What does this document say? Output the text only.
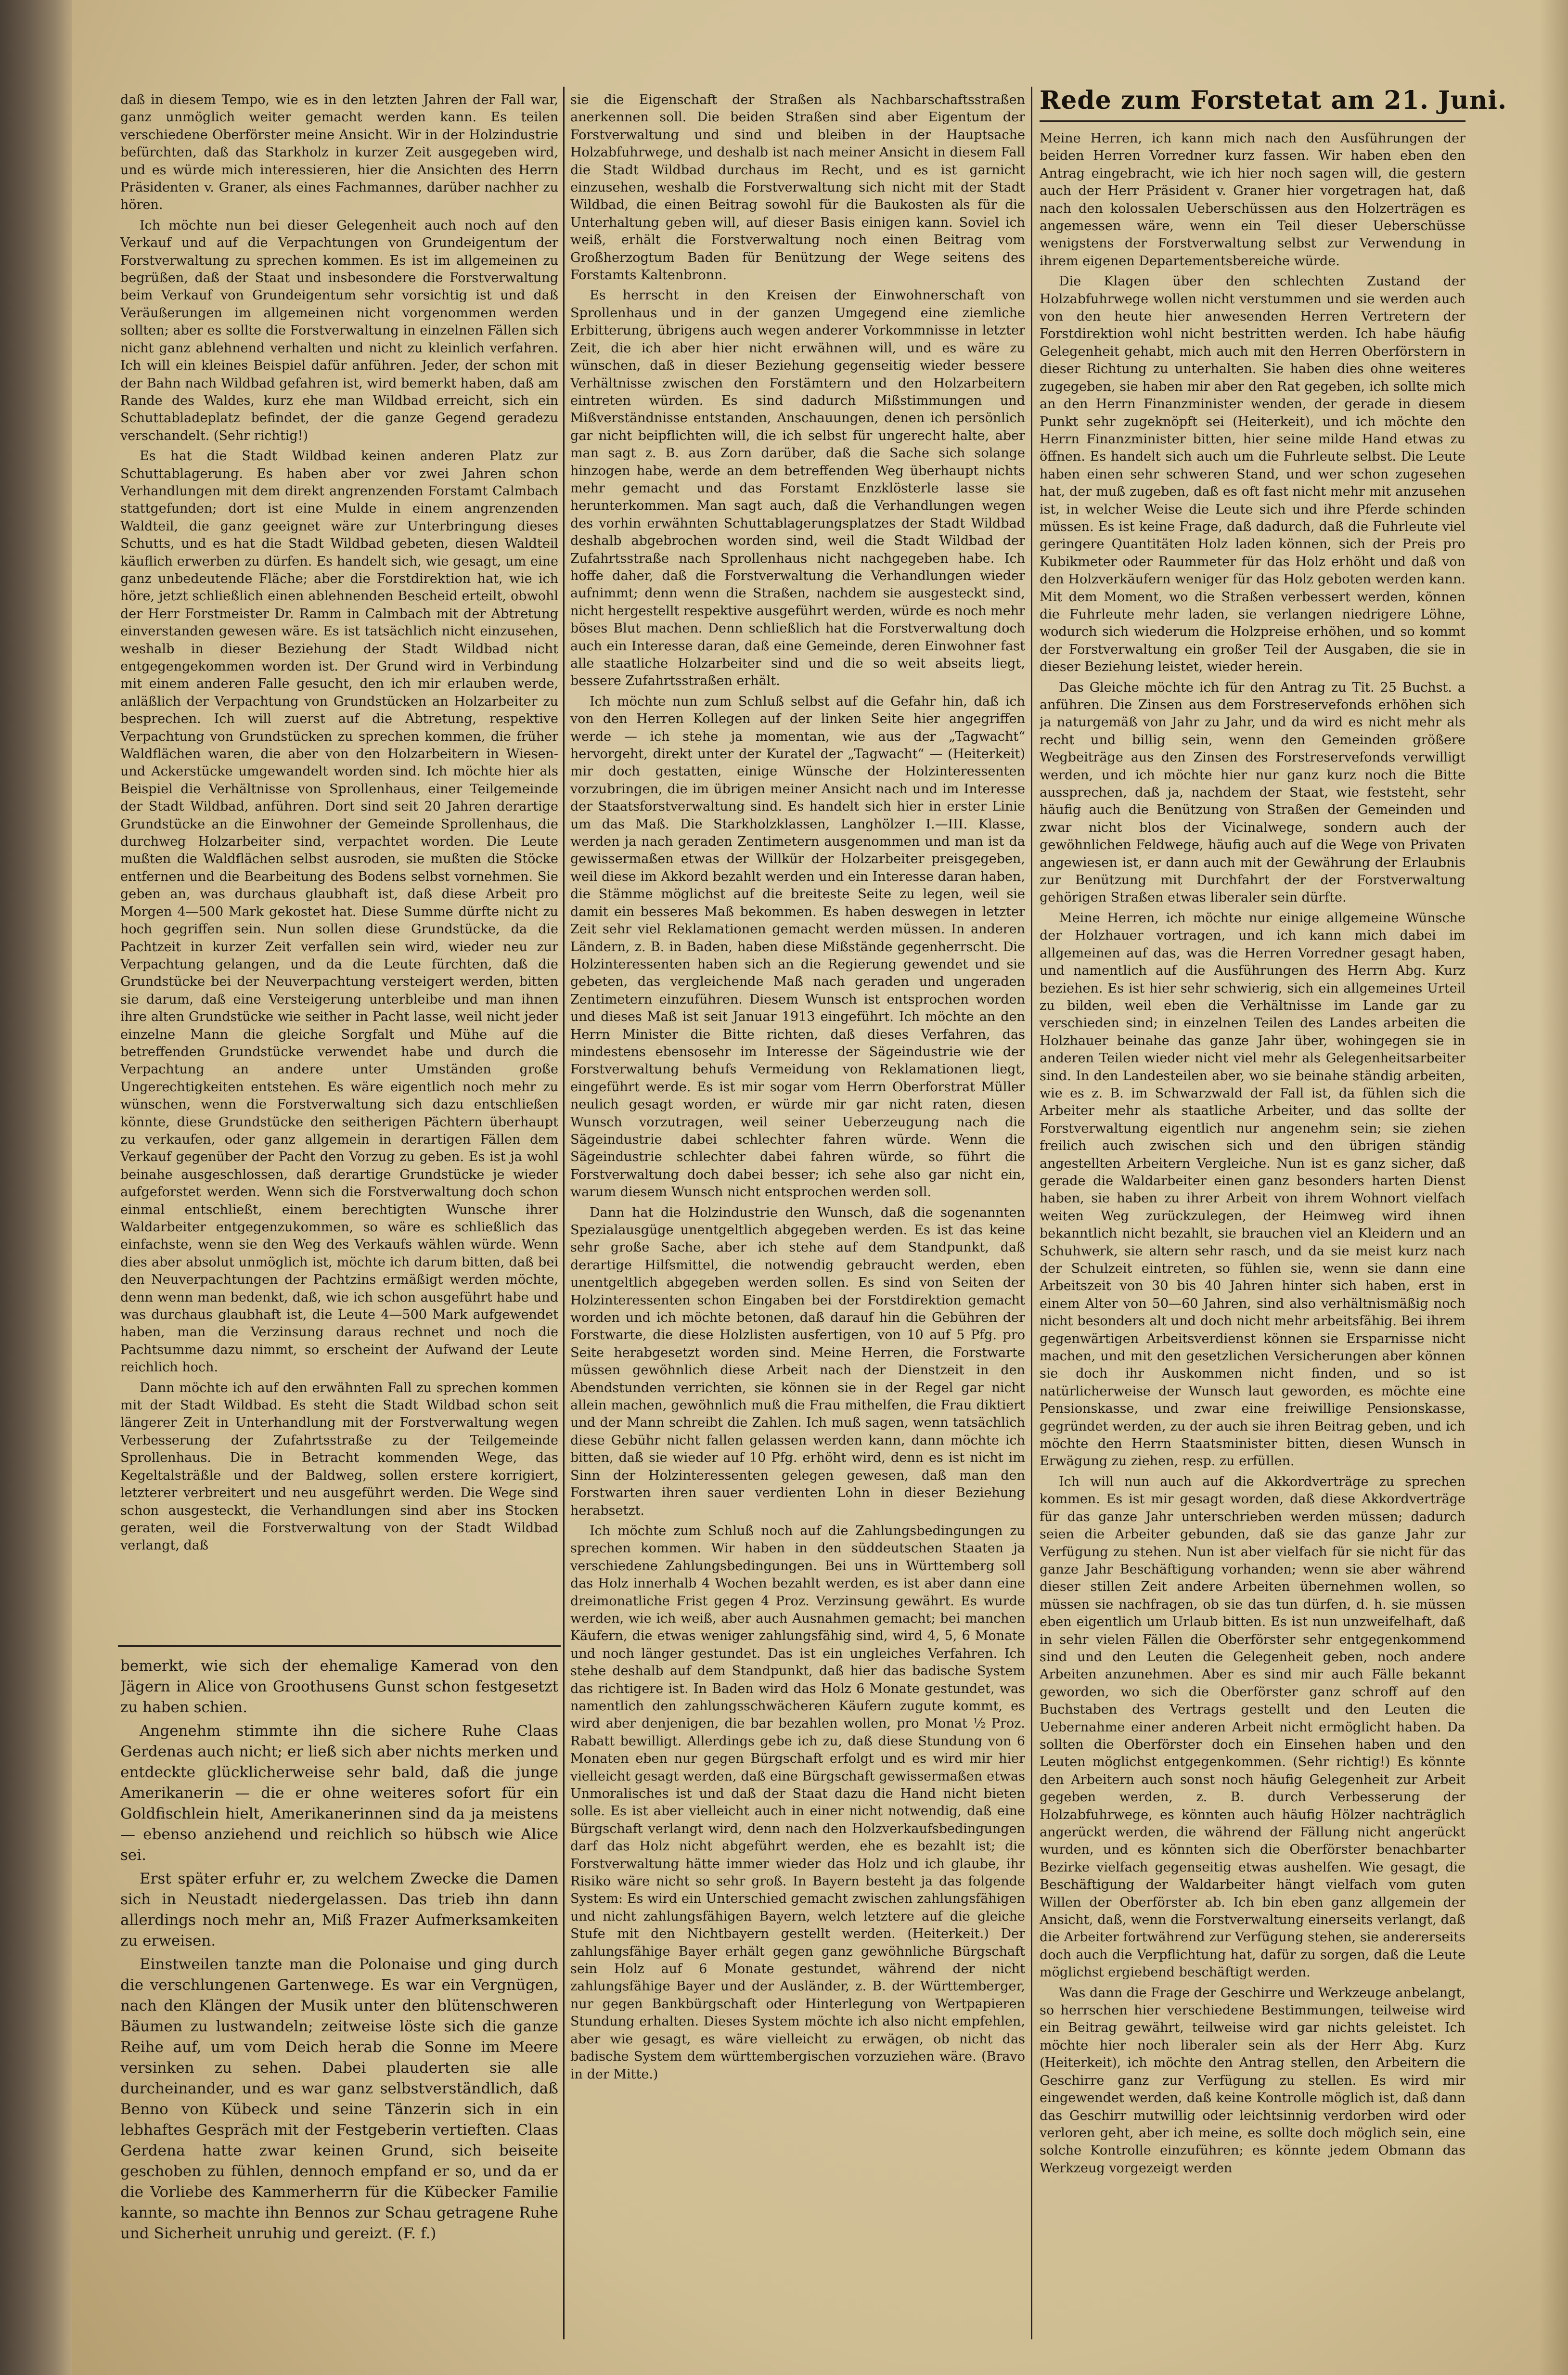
Rede zum Forstetat am 21. Juni.

daß in diesem Tempo, wie es in den letzten Jahren der Fall war, ganz unmöglich weiter gemacht werden kann. Es teilen verschiedene Oberförster meine Ansicht. Wir in der Holzindustrie befürchten, daß das Starkholz in kurzer Zeit ausgegeben wird, und es würde mich interessieren, hier die Ansichten des Herrn Präsidenten v. Graner, als eines Fachmannes, darüber nachher zu hören.

Ich möchte nun bei dieser Gelegenheit auch noch auf den Verkauf und auf die Verpachtungen von Grundeigentum der Forstverwaltung zu sprechen kommen. Es ist im allgemeinen zu begrüßen, daß der Staat und insbesondere die Forstverwaltung beim Verkauf von Grundeigentum sehr vorsichtig ist und daß Veräußerungen im allgemeinen nicht vorgenommen werden sollten; aber es sollte die Forstverwaltung in einzelnen Fällen sich nicht ganz ablehnend verhalten und nicht zu kleinlich verfahren. Ich will ein kleines Beispiel dafür anführen. Jeder, der schon mit der Bahn nach Wildbad gefahren ist, wird bemerkt haben, daß am Rande des Waldes, kurz ehe man Wildbad erreicht, sich ein Schuttabladeplatz befindet, der die ganze Gegend geradezu verschandelt. (Sehr richtig!)

Es hat die Stadt Wildbad keinen anderen Platz zur Schuttablagerung. Es haben aber vor zwei Jahren schon Verhandlungen mit dem direkt angrenzenden Forstamt Calmbach stattgefunden; dort ist eine Mulde in einem angrenzenden Waldteil, die ganz geeignet wäre zur Unterbringung dieses Schutts, und es hat die Stadt Wildbad gebeten, diesen Waldteil käuflich erwerben zu dürfen. Es handelt sich, wie gesagt, um eine ganz unbedeutende Fläche; aber die Forstdirektion hat, wie ich höre, jetzt schließlich einen ablehnenden Bescheid erteilt, obwohl der Herr Forstmeister Dr. Ramm in Calmbach mit der Abtretung einverstanden gewesen wäre. Es ist tatsächlich nicht einzusehen, weshalb in dieser Beziehung der Stadt Wildbad nicht entgegengekommen worden ist. Der Grund wird in Verbindung mit einem anderen Falle gesucht, den ich mir erlauben werde, anläßlich der Verpachtung von Grundstücken an Holzarbeiter zu besprechen. Ich will zuerst auf die Abtretung, respektive Verpachtung von Grundstücken zu sprechen kommen, die früher Waldflächen waren, die aber von den Holzarbeitern in Wiesen- und Ackerstücke umgewandelt worden sind. Ich möchte hier als Beispiel die Verhältnisse von Sprollenhaus, einer Teilgemeinde der Stadt Wildbad, anführen. Dort sind seit 20 Jahren derartige Grundstücke an die Einwohner der Gemeinde Sprollenhaus, die durchweg Holzarbeiter sind, verpachtet worden. Die Leute mußten die Waldflächen selbst ausroden, sie mußten die Stöcke entfernen und die Bearbeitung des Bodens selbst vornehmen. Sie geben an, was durchaus glaubhaft ist, daß diese Arbeit pro Morgen 4—500 Mark gekostet hat. Diese Summe dürfte nicht zu hoch gegriffen sein. Nun sollen diese Grundstücke, da die Pachtzeit in kurzer Zeit verfallen sein wird, wieder neu zur Verpachtung gelangen, und da die Leute fürchten, daß die Grundstücke bei der Neuverpachtung versteigert werden, bitten sie darum, daß eine Versteigerung unterbleibe und man ihnen ihre alten Grundstücke wie seither in Pacht lasse, weil nicht jeder einzelne Mann die gleiche Sorgfalt und Mühe auf die betreffenden Grundstücke verwendet habe und durch die Verpachtung an andere unter Umständen große Ungerechtigkeiten entstehen. Es wäre eigentlich noch mehr zu wünschen, wenn die Forstverwaltung sich dazu entschließen könnte, diese Grundstücke den seitherigen Pächtern überhaupt zu verkaufen, oder ganz allgemein in derartigen Fällen dem Verkauf gegenüber der Pacht den Vorzug zu geben. Es ist ja wohl beinahe ausgeschlossen, daß derartige Grundstücke je wieder aufgeforstet werden. Wenn sich die Forstverwaltung doch schon einmal entschließt, einem berechtigten Wunsche ihrer Waldarbeiter entgegenzukommen, so wäre es schließlich das einfachste, wenn sie den Weg des Verkaufs wählen würde. Wenn dies aber absolut unmöglich ist, möchte ich darum bitten, daß bei den Neuverpachtungen der Pachtzins ermäßigt werden möchte, denn wenn man bedenkt, daß, wie ich schon ausgeführt habe und was durchaus glaubhaft ist, die Leute 4—500 Mark aufgewendet haben, man die Verzinsung daraus rechnet und noch die Pachtsumme dazu nimmt, so erscheint der Aufwand der Leute reichlich hoch.

Dann möchte ich auf den erwähnten Fall zu sprechen kommen mit der Stadt Wildbad. Es steht die Stadt Wildbad schon seit längerer Zeit in Unterhandlung mit der Forstverwaltung wegen Verbesserung der Zufahrtsstraße zu der Teilgemeinde Sprollenhaus. Die in Betracht kommenden Wege, das Kegeltalsträßle und der Baldweg, sollen erstere korrigiert, letzterer verbreitert und neu ausgeführt werden. Die Wege sind schon ausgesteckt, die Verhandlungen sind aber ins Stocken geraten, weil die Forstverwaltung von der Stadt Wildbad verlangt, daß

sie die Eigenschaft der Straßen als Nachbarschaftsstraßen anerkennen soll. Die beiden Straßen sind aber Eigentum der Forstverwaltung und sind und bleiben in der Hauptsache Holzabfuhrwege, und deshalb ist nach meiner Ansicht in diesem Fall die Stadt Wildbad durchaus im Recht, und es ist garnicht einzusehen, weshalb die Forstverwaltung sich nicht mit der Stadt Wildbad, die einen Beitrag sowohl für die Baukosten als für die Unterhaltung geben will, auf dieser Basis einigen kann. Soviel ich weiß, erhält die Forstverwaltung noch einen Beitrag vom Großherzogtum Baden für Benützung der Wege seitens des Forstamts Kaltenbronn.

Es herrscht in den Kreisen der Einwohnerschaft von Sprollenhaus und in der ganzen Umgegend eine ziemliche Erbitterung, übrigens auch wegen anderer Vorkommnisse in letzter Zeit, die ich aber hier nicht erwähnen will, und es wäre zu wünschen, daß in dieser Beziehung gegenseitig wieder bessere Verhältnisse zwischen den Forstämtern und den Holzarbeitern eintreten würden. Es sind dadurch Mißstimmungen und Mißverständnisse entstanden, Anschauungen, denen ich persönlich gar nicht beipflichten will, die ich selbst für ungerecht halte, aber man sagt z. B. aus Zorn darüber, daß die Sache sich solange hinzogen habe, werde an dem betreffenden Weg überhaupt nichts mehr gemacht und das Forstamt Enzklösterle lasse sie herunterkommen. Man sagt auch, daß die Verhandlungen wegen des vorhin erwähnten Schuttablagerungsplatzes der Stadt Wildbad deshalb abgebrochen worden sind, weil die Stadt Wildbad der Zufahrtsstraße nach Sprollenhaus nicht nachgegeben habe. Ich hoffe daher, daß die Forstverwaltung die Verhandlungen wieder aufnimmt; denn wenn die Straßen, nachdem sie ausgesteckt sind, nicht hergestellt respektive ausgeführt werden, würde es noch mehr böses Blut machen. Denn schließlich hat die Forstverwaltung doch auch ein Interesse daran, daß eine Gemeinde, deren Einwohner fast alle staatliche Holzarbeiter sind und die so weit abseits liegt, bessere Zufahrtsstraßen erhält.

Ich möchte nun zum Schluß selbst auf die Gefahr hin, daß ich von den Herren Kollegen auf der linken Seite hier angegriffen werde — ich stehe ja momentan, wie aus der „Tagwacht“ hervorgeht, direkt unter der Kuratel der „Tagwacht“ — (Heiterkeit) mir doch gestatten, einige Wünsche der Holzinteressenten vorzubringen, die im übrigen meiner Ansicht nach und im Interesse der Staatsforstverwaltung sind. Es handelt sich hier in erster Linie um das Maß. Die Starkholzklassen, Langhölzer I.—III. Klasse, werden ja nach geraden Zentimetern ausgenommen und man ist da gewissermaßen etwas der Willkür der Holzarbeiter preisgegeben, weil diese im Akkord bezahlt werden und ein Interesse daran haben, die Stämme möglichst auf die breiteste Seite zu legen, weil sie damit ein besseres Maß bekommen. Es haben deswegen in letzter Zeit sehr viel Reklamationen gemacht werden müssen. In anderen Ländern, z. B. in Baden, haben diese Mißstände gegenherrscht. Die Holzinteressenten haben sich an die Regierung gewendet und sie gebeten, das vergleichende Maß nach geraden und ungeraden Zentimetern einzuführen. Diesem Wunsch ist entsprochen worden und dieses Maß ist seit Januar 1913 eingeführt. Ich möchte an den Herrn Minister die Bitte richten, daß dieses Verfahren, das mindestens ebensosehr im Interesse der Sägeindustrie wie der Forstverwaltung behufs Vermeidung von Reklamationen liegt, eingeführt werde. Es ist mir sogar vom Herrn Oberforstrat Müller neulich gesagt worden, er würde mir gar nicht raten, diesen Wunsch vorzutragen, weil seiner Ueberzeugung nach die Sägeindustrie dabei schlechter fahren würde. Wenn die Sägeindustrie schlechter dabei fahren würde, so führt die Forstverwaltung doch dabei besser; ich sehe also gar nicht ein, warum diesem Wunsch nicht entsprochen werden soll.

Dann hat die Holzindustrie den Wunsch, daß die sogenannten Spezialausgüge unentgeltlich abgegeben werden. Es ist das keine sehr große Sache, aber ich stehe auf dem Standpunkt, daß derartige Hilfsmittel, die notwendig gebraucht werden, eben unentgeltlich abgegeben werden sollen. Es sind von Seiten der Holzinteressenten schon Eingaben bei der Forstdirektion gemacht worden und ich möchte betonen, daß darauf hin die Gebühren der Forstwarte, die diese Holzlisten ausfertigen, von 10 auf 5 Pfg. pro Seite herabgesetzt worden sind. Meine Herren, die Forstwarte müssen gewöhnlich diese Arbeit nach der Dienstzeit in den Abendstunden verrichten, sie können sie in der Regel gar nicht allein machen, gewöhnlich muß die Frau mithelfen, die Frau diktiert und der Mann schreibt die Zahlen. Ich muß sagen, wenn tatsächlich diese Gebühr nicht fallen gelassen werden kann, dann möchte ich bitten, daß sie wieder auf 10 Pfg. erhöht wird, denn es ist nicht im Sinn der Holzinteressenten gelegen gewesen, daß man den Forstwarten ihren sauer verdienten Lohn in dieser Beziehung herabsetzt.

Ich möchte zum Schluß noch auf die Zahlungsbedingungen zu sprechen kommen. Wir haben in den süddeutschen Staaten ja verschiedene Zahlungsbedingungen. Bei uns in Württemberg soll das Holz innerhalb 4 Wochen bezahlt werden, es ist aber dann eine dreimonatliche Frist gegen 4 Proz. Verzinsung gewährt. Es wurde werden, wie ich weiß, aber auch Ausnahmen gemacht; bei manchen Käufern, die etwas weniger zahlungsfähig sind, wird 4, 5, 6 Monate und noch länger gestundet. Das ist ein ungleiches Verfahren. Ich stehe deshalb auf dem Standpunkt, daß hier das badische System das richtigere ist. In Baden wird das Holz 6 Monate gestundet, was namentlich den zahlungsschwächeren Käufern zugute kommt, es wird aber denjenigen, die bar bezahlen wollen, pro Monat ½ Proz. Rabatt bewilligt. Allerdings gebe ich zu, daß diese Stundung von 6 Monaten eben nur gegen Bürgschaft erfolgt und es wird mir hier vielleicht gesagt werden, daß eine Bürgschaft gewissermaßen etwas Unmoralisches ist und daß der Staat dazu die Hand nicht bieten solle. Es ist aber vielleicht auch in einer nicht notwendig, daß eine Bürgschaft verlangt wird, denn nach den Holzverkaufsbedingungen darf das Holz nicht abgeführt werden, ehe es bezahlt ist; die Forstverwaltung hätte immer wieder das Holz und ich glaube, ihr Risiko wäre nicht so sehr groß. In Bayern besteht ja das folgende System: Es wird ein Unterschied gemacht zwischen zahlungsfähigen und nicht zahlungsfähigen Bayern, welch letztere auf die gleiche Stufe mit den Nichtbayern gestellt werden. (Heiterkeit.) Der zahlungsfähige Bayer erhält gegen ganz gewöhnliche Bürgschaft sein Holz auf 6 Monate gestundet, während der nicht zahlungsfähige Bayer und der Ausländer, z. B. der Württemberger, nur gegen Bankbürgschaft oder Hinterlegung von Wertpapieren Stundung erhalten. Dieses System möchte ich also nicht empfehlen, aber wie gesagt, es wäre vielleicht zu erwägen, ob nicht das badische System dem württembergischen vorzuziehen wäre. (Bravo in der Mitte.)

Meine Herren, ich kann mich nach den Ausführungen der beiden Herren Vorredner kurz fassen. Wir haben eben den Antrag eingebracht, wie ich hier noch sagen will, die gestern auch der Herr Präsident v. Graner hier vorgetragen hat, daß nach den kolossalen Ueberschüssen aus den Holzerträgen es angemessen wäre, wenn ein Teil dieser Ueberschüsse wenigstens der Forstverwaltung selbst zur Verwendung in ihrem eigenen Departementsbereiche würde.

Die Klagen über den schlechten Zustand der Holzabfuhrwege wollen nicht verstummen und sie werden auch von den heute hier anwesenden Herren Vertretern der Forstdirektion wohl nicht bestritten werden. Ich habe häufig Gelegenheit gehabt, mich auch mit den Herren Oberförstern in dieser Richtung zu unterhalten. Sie haben dies ohne weiteres zugegeben, sie haben mir aber den Rat gegeben, ich sollte mich an den Herrn Finanzminister wenden, der gerade in diesem Punkt sehr zugeknöpft sei (Heiterkeit), und ich möchte den Herrn Finanzminister bitten, hier seine milde Hand etwas zu öffnen. Es handelt sich auch um die Fuhrleute selbst. Die Leute haben einen sehr schweren Stand, und wer schon zugesehen hat, der muß zugeben, daß es oft fast nicht mehr mit anzusehen ist, in welcher Weise die Leute sich und ihre Pferde schinden müssen. Es ist keine Frage, daß dadurch, daß die Fuhrleute viel geringere Quantitäten Holz laden können, sich der Preis pro Kubikmeter oder Raummeter für das Holz erhöht und daß von den Holzverkäufern weniger für das Holz geboten werden kann. Mit dem Moment, wo die Straßen verbessert werden, können die Fuhrleute mehr laden, sie verlangen niedrigere Löhne, wodurch sich wiederum die Holzpreise erhöhen, und so kommt der Forstverwaltung ein großer Teil der Ausgaben, die sie in dieser Beziehung leistet, wieder herein.

Das Gleiche möchte ich für den Antrag zu Tit. 25 Buchst. a anführen. Die Zinsen aus dem Forstreservefonds erhöhen sich ja naturgemäß von Jahr zu Jahr, und da wird es nicht mehr als recht und billig sein, wenn den Gemeinden größere Wegbeiträge aus den Zinsen des Forstreservefonds verwilligt werden, und ich möchte hier nur ganz kurz noch die Bitte aussprechen, daß ja, nachdem der Staat, wie feststeht, sehr häufig auch die Benützung von Straßen der Gemeinden und zwar nicht blos der Vicinalwege, sondern auch der gewöhnlichen Feldwege, häufig auch auf die Wege von Privaten angewiesen ist, er dann auch mit der Gewährung der Erlaubnis zur Benützung mit Durchfahrt der der Forstverwaltung gehörigen Straßen etwas liberaler sein dürfte.

Meine Herren, ich möchte nur einige allgemeine Wünsche der Holzhauer vortragen, und ich kann mich dabei im allgemeinen auf das, was die Herren Vorredner gesagt haben, und namentlich auf die Ausführungen des Herrn Abg. Kurz beziehen. Es ist hier sehr schwierig, sich ein allgemeines Urteil zu bilden, weil eben die Verhältnisse im Lande gar zu verschieden sind; in einzelnen Teilen des Landes arbeiten die Holzhauer beinahe das ganze Jahr über, wohingegen sie in anderen Teilen wieder nicht viel mehr als Gelegenheitsarbeiter sind. In den Landesteilen aber, wo sie beinahe ständig arbeiten, wie es z. B. im Schwarzwald der Fall ist, da fühlen sich die Arbeiter mehr als staatliche Arbeiter, und das sollte der Forstverwaltung eigentlich nur angenehm sein; sie ziehen freilich auch zwischen sich und den übrigen ständig angestellten Arbeitern Vergleiche. Nun ist es ganz sicher, daß gerade die Waldarbeiter einen ganz besonders harten Dienst haben, sie haben zu ihrer Arbeit von ihrem Wohnort vielfach weiten Weg zurückzulegen, der Heimweg wird ihnen bekanntlich nicht bezahlt, sie brauchen viel an Kleidern und an Schuhwerk, sie altern sehr rasch, und da sie meist kurz nach der Schulzeit eintreten, so fühlen sie, wenn sie dann eine Arbeitszeit von 30 bis 40 Jahren hinter sich haben, erst in einem Alter von 50—60 Jahren, sind also verhältnismäßig noch nicht besonders alt und doch nicht mehr arbeitsfähig. Bei ihrem gegenwärtigen Arbeitsverdienst können sie Ersparnisse nicht machen, und mit den gesetzlichen Versicherungen aber können sie doch ihr Auskommen nicht finden, und so ist natürlicherweise der Wunsch laut geworden, es möchte eine Pensionskasse, und zwar eine freiwillige Pensionskasse, gegründet werden, zu der auch sie ihren Beitrag geben, und ich möchte den Herrn Staatsminister bitten, diesen Wunsch in Erwägung zu ziehen, resp. zu erfüllen.

Ich will nun auch auf die Akkordverträge zu sprechen kommen. Es ist mir gesagt worden, daß diese Akkordverträge für das ganze Jahr unterschrieben werden müssen; dadurch seien die Arbeiter gebunden, daß sie das ganze Jahr zur Verfügung zu stehen. Nun ist aber vielfach für sie nicht für das ganze Jahr Beschäftigung vorhanden; wenn sie aber während dieser stillen Zeit andere Arbeiten übernehmen wollen, so müssen sie nachfragen, ob sie das tun dürfen, d. h. sie müssen eben eigentlich um Urlaub bitten. Es ist nun unzweifelhaft, daß in sehr vielen Fällen die Oberförster sehr entgegenkommend sind und den Leuten die Gelegenheit geben, noch andere Arbeiten anzunehmen. Aber es sind mir auch Fälle bekannt geworden, wo sich die Oberförster ganz schroff auf den Buchstaben des Vertrags gestellt und den Leuten die Uebernahme einer anderen Arbeit nicht ermöglicht haben. Da sollten die Oberförster doch ein Einsehen haben und den Leuten möglichst entgegenkommen. (Sehr richtig!) Es könnte den Arbeitern auch sonst noch häufig Gelegenheit zur Arbeit gegeben werden, z. B. durch Verbesserung der Holzabfuhrwege, es könnten auch häufig Hölzer nachträglich angerückt werden, die während der Fällung nicht angerückt wurden, und es könnten sich die Oberförster benachbarter Bezirke vielfach gegenseitig etwas aushelfen. Wie gesagt, die Beschäftigung der Waldarbeiter hängt vielfach vom guten Willen der Oberförster ab. Ich bin eben ganz allgemein der Ansicht, daß, wenn die Forstverwaltung einerseits verlangt, daß die Arbeiter fortwährend zur Verfügung stehen, sie andererseits doch auch die Verpflichtung hat, dafür zu sorgen, daß die Leute möglichst ergiebend beschäftigt werden.

Was dann die Frage der Geschirre und Werkzeuge anbelangt, so herrschen hier verschiedene Bestimmungen, teilweise wird ein Beitrag gewährt, teilweise wird gar nichts geleistet. Ich möchte hier noch liberaler sein als der Herr Abg. Kurz (Heiterkeit), ich möchte den Antrag stellen, den Arbeitern die Geschirre ganz zur Verfügung zu stellen. Es wird mir eingewendet werden, daß keine Kontrolle möglich ist, daß dann das Geschirr mutwillig oder leichtsinnig verdorben wird oder verloren geht, aber ich meine, es sollte doch möglich sein, eine solche Kontrolle einzuführen; es könnte jedem Obmann das Werkzeug vorgezeigt werden

bemerkt, wie sich der ehemalige Kamerad von den Jägern in Alice von Groothusens Gunst schon festgesetzt zu haben schien.

Angenehm stimmte ihn die sichere Ruhe Claas Gerdenas auch nicht; er ließ sich aber nichts merken und entdeckte glücklicherweise sehr bald, daß die junge Amerikanerin — die er ohne weiteres sofort für ein Goldfischlein hielt, Amerikanerinnen sind da ja meistens — ebenso anziehend und reichlich so hübsch wie Alice sei.

Erst später erfuhr er, zu welchem Zwecke die Damen sich in Neustadt niedergelassen. Das trieb ihn dann allerdings noch mehr an, Miß Frazer Aufmerksamkeiten zu erweisen.

Einstweilen tanzte man die Polonaise und ging durch die verschlungenen Gartenwege. Es war ein Vergnügen, nach den Klängen der Musik unter den blütenschweren Bäumen zu lustwandeln; zeitweise löste sich die ganze Reihe auf, um vom Deich herab die Sonne im Meere versinken zu sehen. Dabei plauderten sie alle durcheinander, und es war ganz selbstverständlich, daß Benno von Kübeck und seine Tänzerin sich in ein lebhaftes Gespräch mit der Festgeberin vertieften. Claas Gerdena hatte zwar keinen Grund, sich beiseite geschoben zu fühlen, dennoch empfand er so, und da er die Vorliebe des Kammerherrn für die Kübecker Familie kannte, so machte ihn Bennos zur Schau getragene Ruhe und Sicherheit unruhig und gereizt. (F. f.)
